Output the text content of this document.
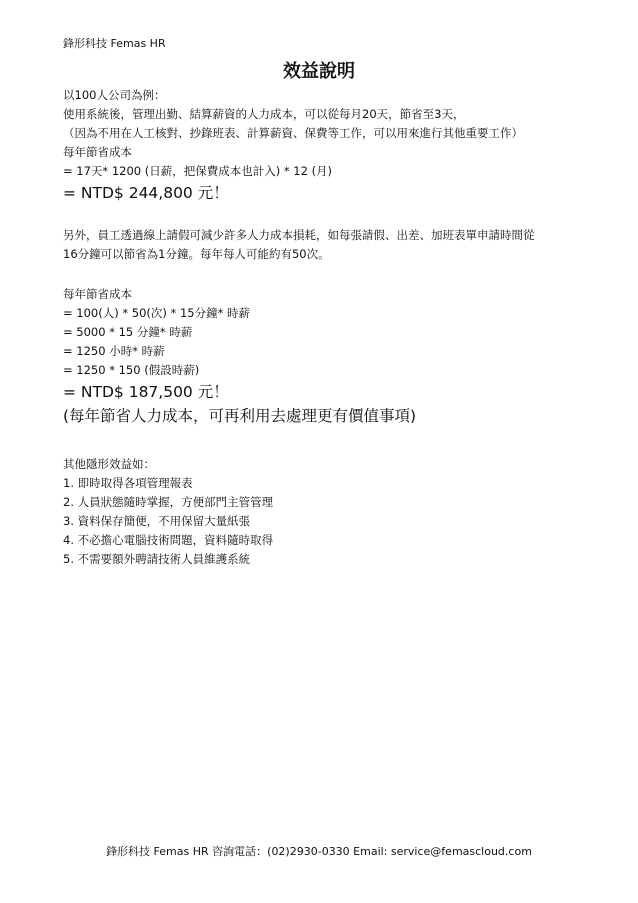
鋒形科技 Femas HR
效益說明
以100人公司為例：
使用系統後，管理出勤、結算薪資的人力成本，可以從每月20天，節省至3天，
（因為不用在人工核對、抄錄班表、計算薪資、保費等工作，可以用來進行其他重要工作）
每年節省成本
= 17天* 1200 (日薪，把保費成本也計入) * 12 (月)
= NTD$ 244,800 元！
另外，員工透過線上請假可減少許多人力成本損耗，如每張請假、出差、加班表單申請時間從
16分鐘可以節省為1分鐘。每年每人可能約有50次。
每年節省成本
= 100(人) * 50(次) * 15分鐘* 時薪
= 5000 * 15 分鐘* 時薪
= 1250 小時* 時薪
= 1250 * 150 (假設時薪)
= NTD$ 187,500 元！
(每年節省人力成本，可再利用去處理更有價值事項)
其他隱形效益如：
1. 即時取得各項管理報表
2. 人員狀態隨時掌握，方便部門主管管理
3. 資料保存簡便，不用保留大量紙張
4. 不必擔心電腦技術問題，資料隨時取得
5. 不需要額外聘請技術人員維護系統
鋒形科技 Femas HR 咨詢電話：(02)2930-0330 Email: service@femascloud.com
